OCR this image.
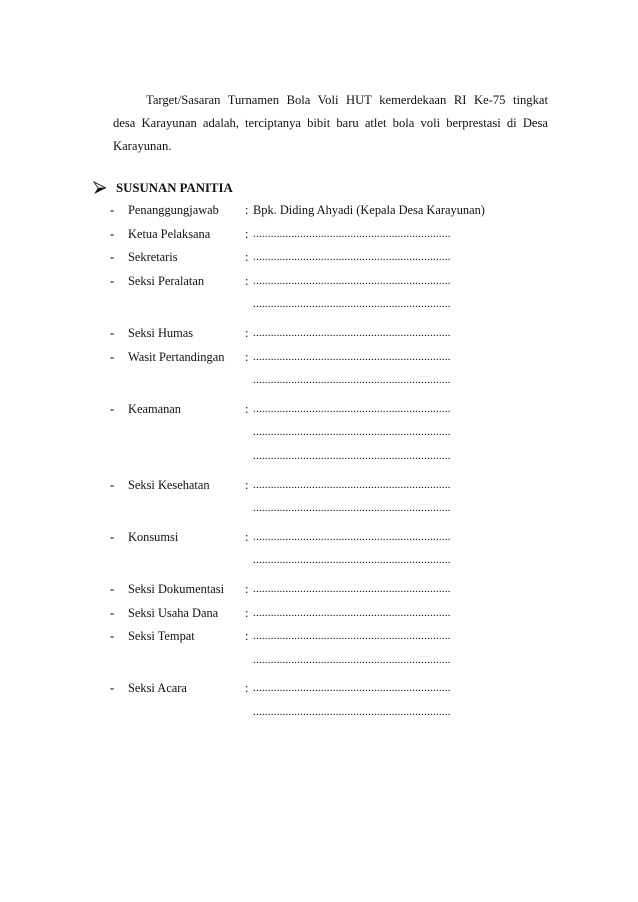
Target/Sasaran Turnamen Bola Voli HUT kemerdekaan RI Ke-75 tingkat desa Karayunan adalah, terciptanya bibit baru atlet bola voli berprestasi di Desa Karayunan.
SUSUNAN PANITIA
- Penanggungjawab : Bpk. Diding Ahyadi (Kepala Desa Karayunan)
- Ketua Pelaksana	: ...................................................................
- Sekretaris	: ...................................................................
- Seksi Peralatan	: ...................................................................
...................................................................
- Seksi Humas	: ...................................................................
- Wasit Pertandingan : ...................................................................
...................................................................
- Keamanan	: ...................................................................
...................................................................
...................................................................
- Seksi Kesehatan	: ...................................................................
...................................................................
- Konsumsi	: ...................................................................
...................................................................
- Seksi Dokumentasi : ...................................................................
- Seksi Usaha Dana : ...................................................................
- Seksi Tempat	: ...................................................................
...................................................................
- Seksi Acara	: ...................................................................
...................................................................
